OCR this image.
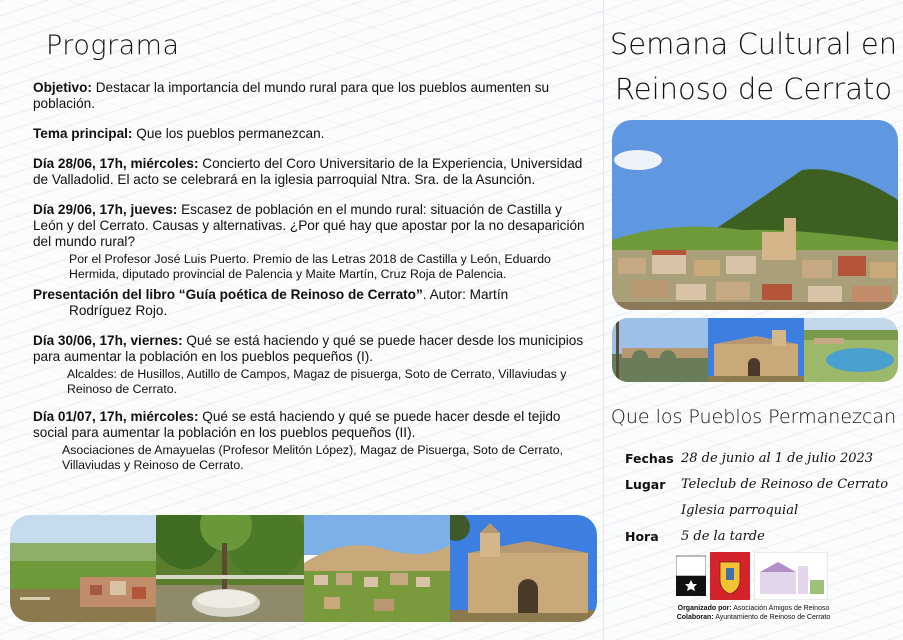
Programa
Objetivo: Destacar la importancia del mundo rural para que los pueblos aumenten su población.
Tema principal: Que los pueblos permanezcan.
Día 28/06, 17h, miércoles: Concierto del Coro Universitario de la Experiencia, Universidad de Valladolid. El acto se celebrará en la iglesia parroquial Ntra. Sra. de la Asunción.
Día 29/06, 17h, jueves: Escasez de población en el mundo rural: situación de Castilla y León y del Cerrato. Causas y alternativas. ¿Por qué hay que apostar por la no desaparición del mundo rural?
Por el Profesor José Luis Puerto. Premio de las Letras 2018 de Castilla y León, Eduardo Hermida, diputado provincial de Palencia y Maite Martín, Cruz Roja de Palencia.
Presentación del libro “Guía poética de Reinoso de Cerrato”. Autor: Martín
Rodríguez Rojo.
Día 30/06, 17h, viernes: Qué se está haciendo y qué se puede hacer desde los municipios para aumentar la población en los pueblos pequeños (I).
Alcaldes: de Husillos, Autillo de Campos, Magaz de pisuerga, Soto de Cerrato, Villaviudas y Reinoso de Cerrato.
Día 01/07, 17h, miércoles: Qué se está haciendo y qué se puede hacer desde el tejido social para aumentar la población en los pueblos pequeños (II).
Asociaciones de Amayuelas (Profesor Melitón López), Magaz de Pisuerga, Soto de Cerrato, Villaviudas y Reinoso de Cerrato.
Semana Cultural en
Reinoso de Cerrato
Que los Pueblos Permanezcan
Fechas 28 de junio al 1 de julio 2023
Lugar	Teleclub de Reinoso de Cerrato
Iglesia parroquial
Hora	5 de la tarde
Organizado por: Asociación Amigos de Reinoso
Colaboran: Ayuntamiento de Reinoso de Cerrato
